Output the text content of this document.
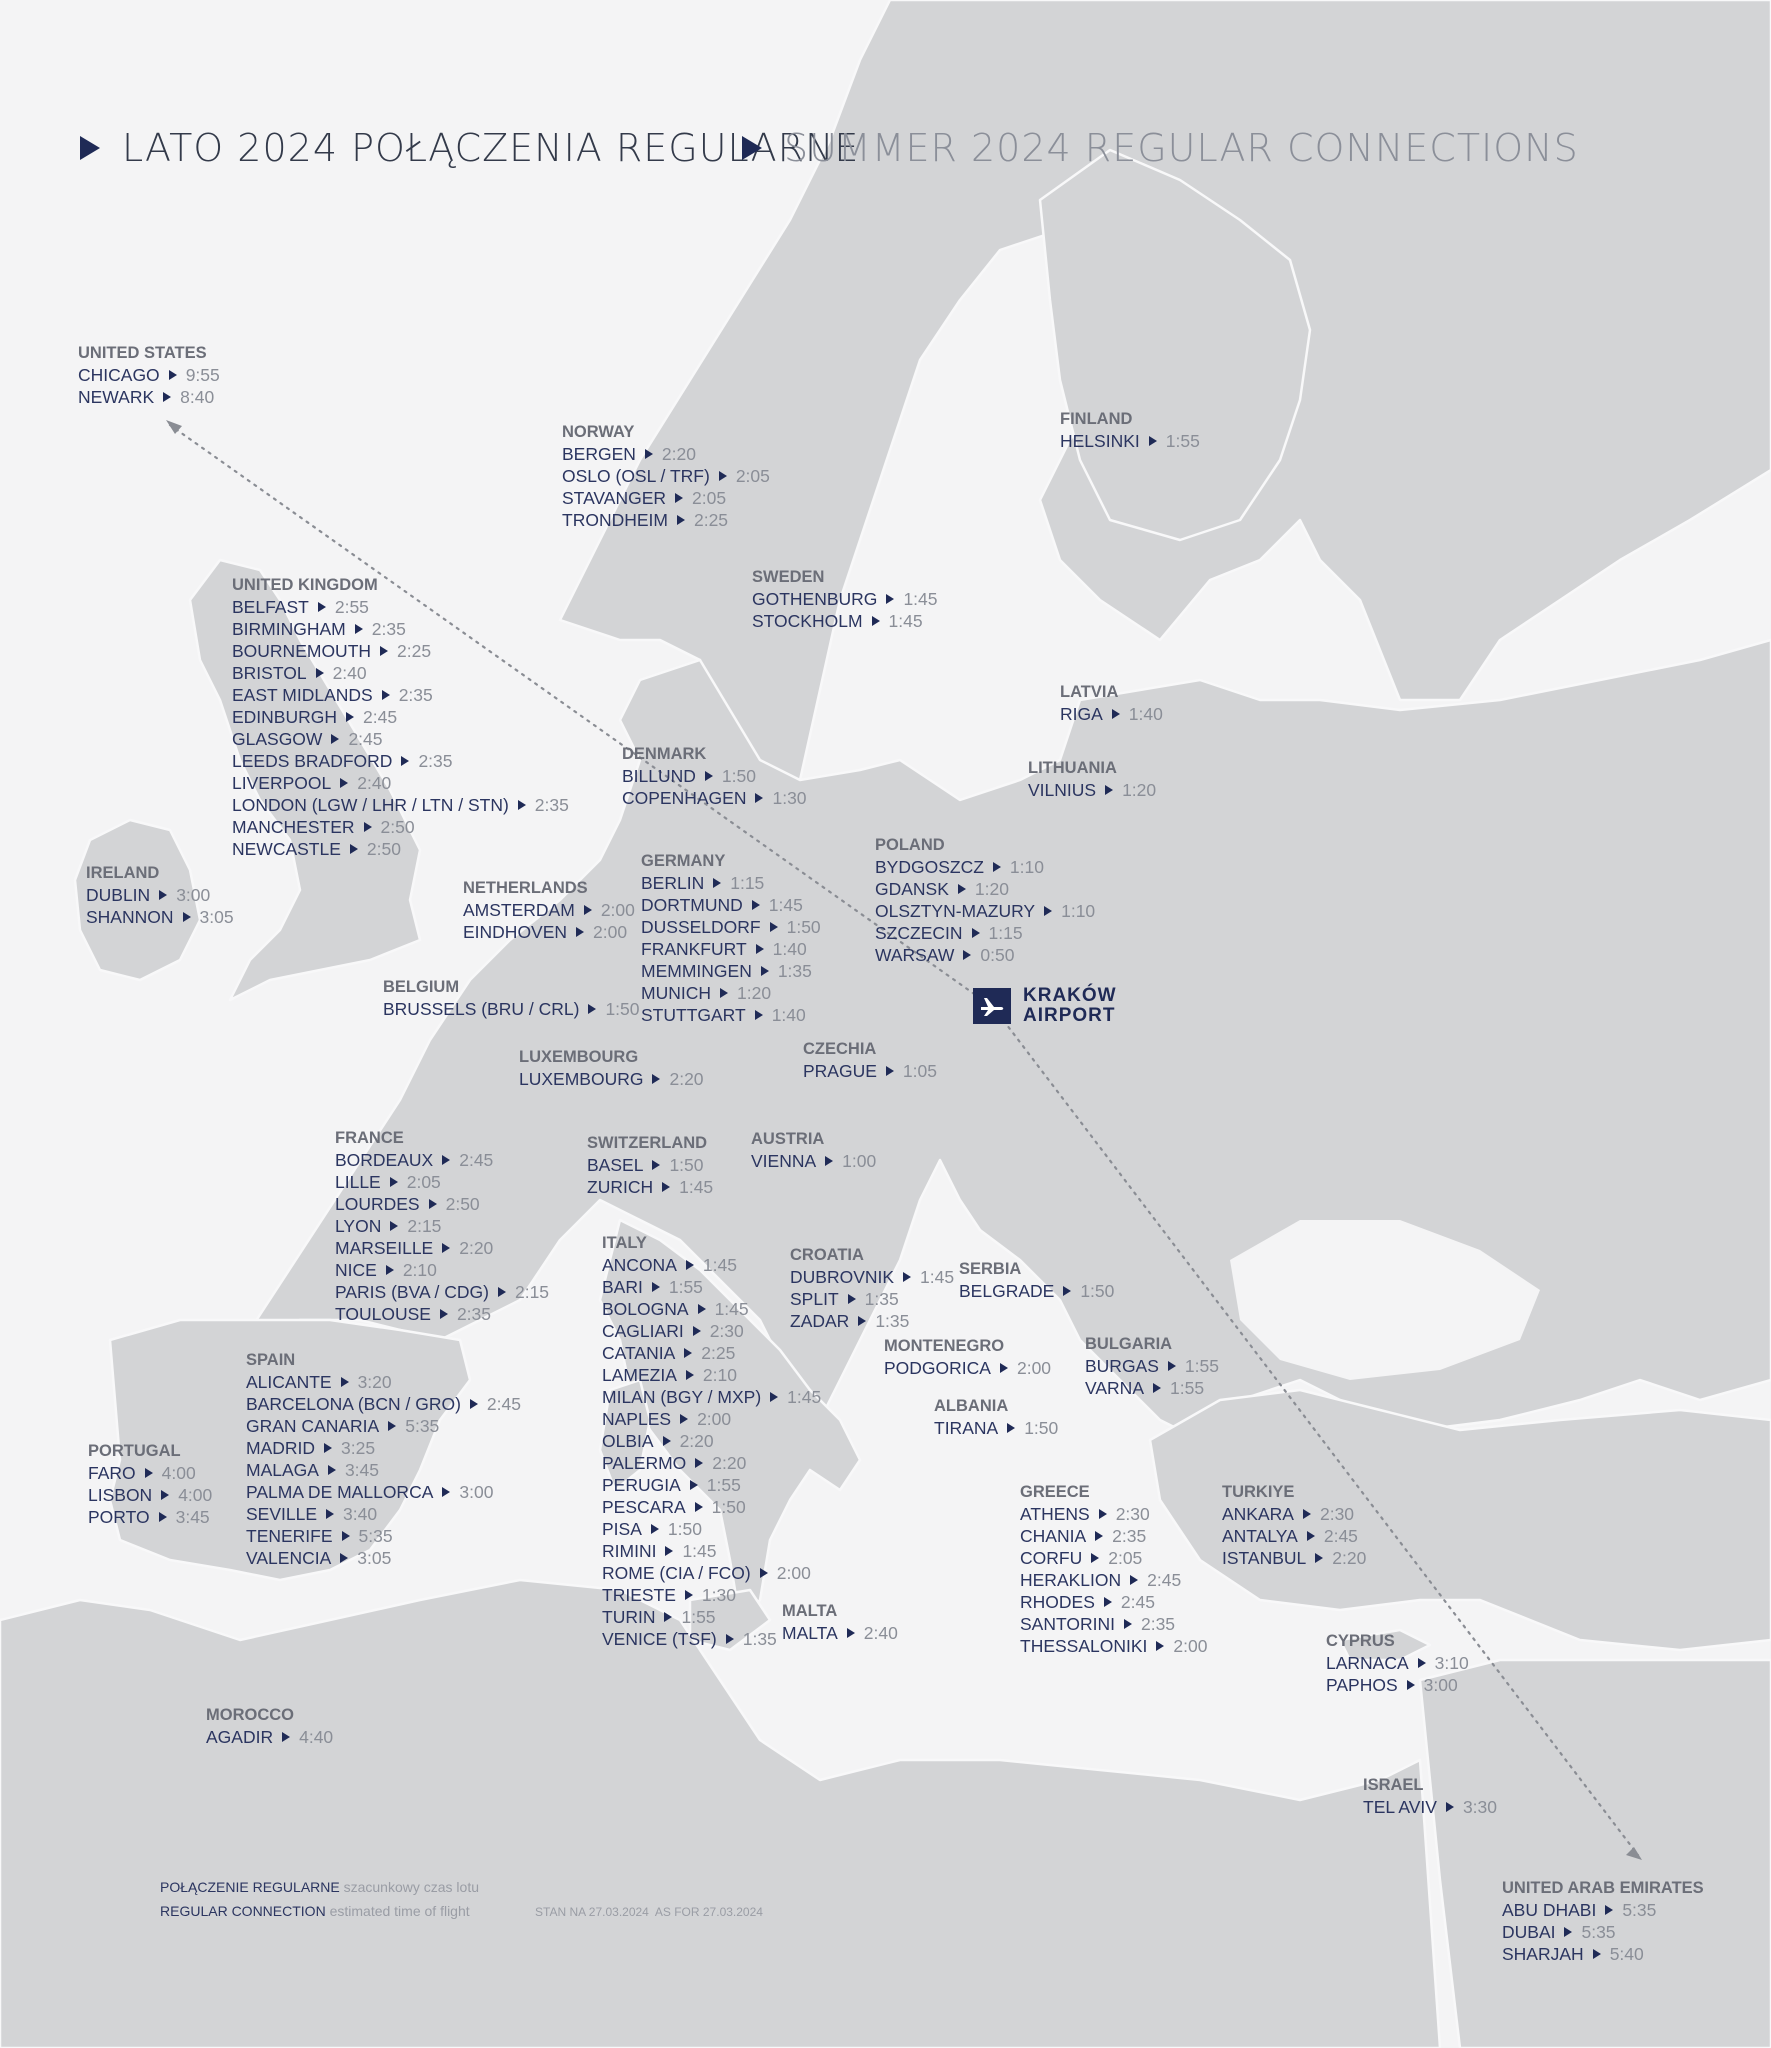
LATO 2024 POŁĄCZENIA REGULARNE
SUMMER 2024 REGULAR CONNECTIONS
UNITED STATES
CHICAGO 9:55
NEWARK 8:40
NORWAY
BERGEN 2:20
OSLO (OSL / TRF) 2:05
STAVANGER 2:05
TRONDHEIM 2:25
FINLAND
HELSINKI 1:55
SWEDEN
GOTHENBURG 1:45
STOCKHOLM 1:45
UNITED KINGDOM
BELFAST 2:55
BIRMINGHAM 2:35
BOURNEMOUTH 2:25
BRISTOL 2:40
EAST MIDLANDS 2:35
EDINBURGH 2:45
GLASGOW 2:45
LEEDS BRADFORD 2:35
LIVERPOOL 2:40
LONDON (LGW / LHR / LTN / STN) 2:35
MANCHESTER 2:50
NEWCASTLE 2:50
LATVIA
RIGA 1:40
DENMARK
BILLUND 1:50
COPENHAGEN 1:30
LITHUANIA
VILNIUS 1:20
POLAND
BYDGOSZCZ 1:10
GDANSK 1:20
OLSZTYN-MAZURY 1:10
SZCZECIN 1:15
WARSAW 0:50
IRELAND
DUBLIN 3:00
SHANNON 3:05
NETHERLANDS
AMSTERDAM 2:00
EINDHOVEN 2:00
GERMANY
BERLIN 1:15
DORTMUND 1:45
DUSSELDORF 1:50
FRANKFURT 1:40
MEMMINGEN 1:35
MUNICH 1:20
STUTTGART 1:40
BELGIUM
BRUSSELS (BRU / CRL) 1:50
LUXEMBOURG
LUXEMBOURG 2:20
CZECHIA
PRAGUE 1:05
FRANCE
BORDEAUX 2:45
LILLE 2:05
LOURDES 2:50
LYON 2:15
MARSEILLE 2:20
NICE 2:10
PARIS (BVA / CDG) 2:15
TOULOUSE 2:35
SWITZERLAND
BASEL 1:50
ZURICH 1:45
AUSTRIA
VIENNA 1:00
ITALY
ANCONA 1:45
BARI 1:55
BOLOGNA 1:45
CAGLIARI 2:30
CATANIA 2:25
LAMEZIA 2:10
MILAN (BGY / MXP) 1:45
NAPLES 2:00
OLBIA 2:20
PALERMO 2:20
PERUGIA 1:55
PESCARA 1:50
PISA 1:50
RIMINI 1:45
ROME (CIA / FCO) 2:00
TRIESTE 1:30
TURIN 1:55
VENICE (TSF) 1:35
CROATIA
DUBROVNIK 1:45
SPLIT 1:35
ZADAR 1:35
SERBIA
BELGRADE 1:50
MONTENEGRO
PODGORICA 2:00
BULGARIA
BURGAS 1:55
VARNA 1:55
SPAIN
ALICANTE 3:20
BARCELONA (BCN / GRO) 2:45
GRAN CANARIA 5:35
MADRID 3:25
MALAGA 3:45
PALMA DE MALLORCA 3:00
SEVILLE 3:40
TENERIFE 5:35
VALENCIA 3:05
ALBANIA
TIRANA 1:50
PORTUGAL
FARO 4:00
LISBON 4:00
PORTO 3:45
GREECE
ATHENS 2:30
CHANIA 2:35
CORFU 2:05
HERAKLION 2:45
RHODES 2:45
SANTORINI 2:35
THESSALONIKI 2:00
TURKIYE
ANKARA 2:30
ANTALYA 2:45
ISTANBUL 2:20
MALTA
MALTA 2:40	CYPRUS
LARNACA 3:10
PAPHOS 3:00
MOROCCO
AGADIR 4:40
ISRAEL
TEL AVIV 3:30
UNITED ARAB EMIRATES
ABU DHABI 5:35
DUBAI 5:35
SHARJAH 5:40
KRAKÓW
AIRPORT
POŁĄCZENIE REGULARNE szacunkowy czas lotu
REGULAR CONNECTION estimated time of flight	STAN NA 27.03.2024 AS FOR 27.03.2024
